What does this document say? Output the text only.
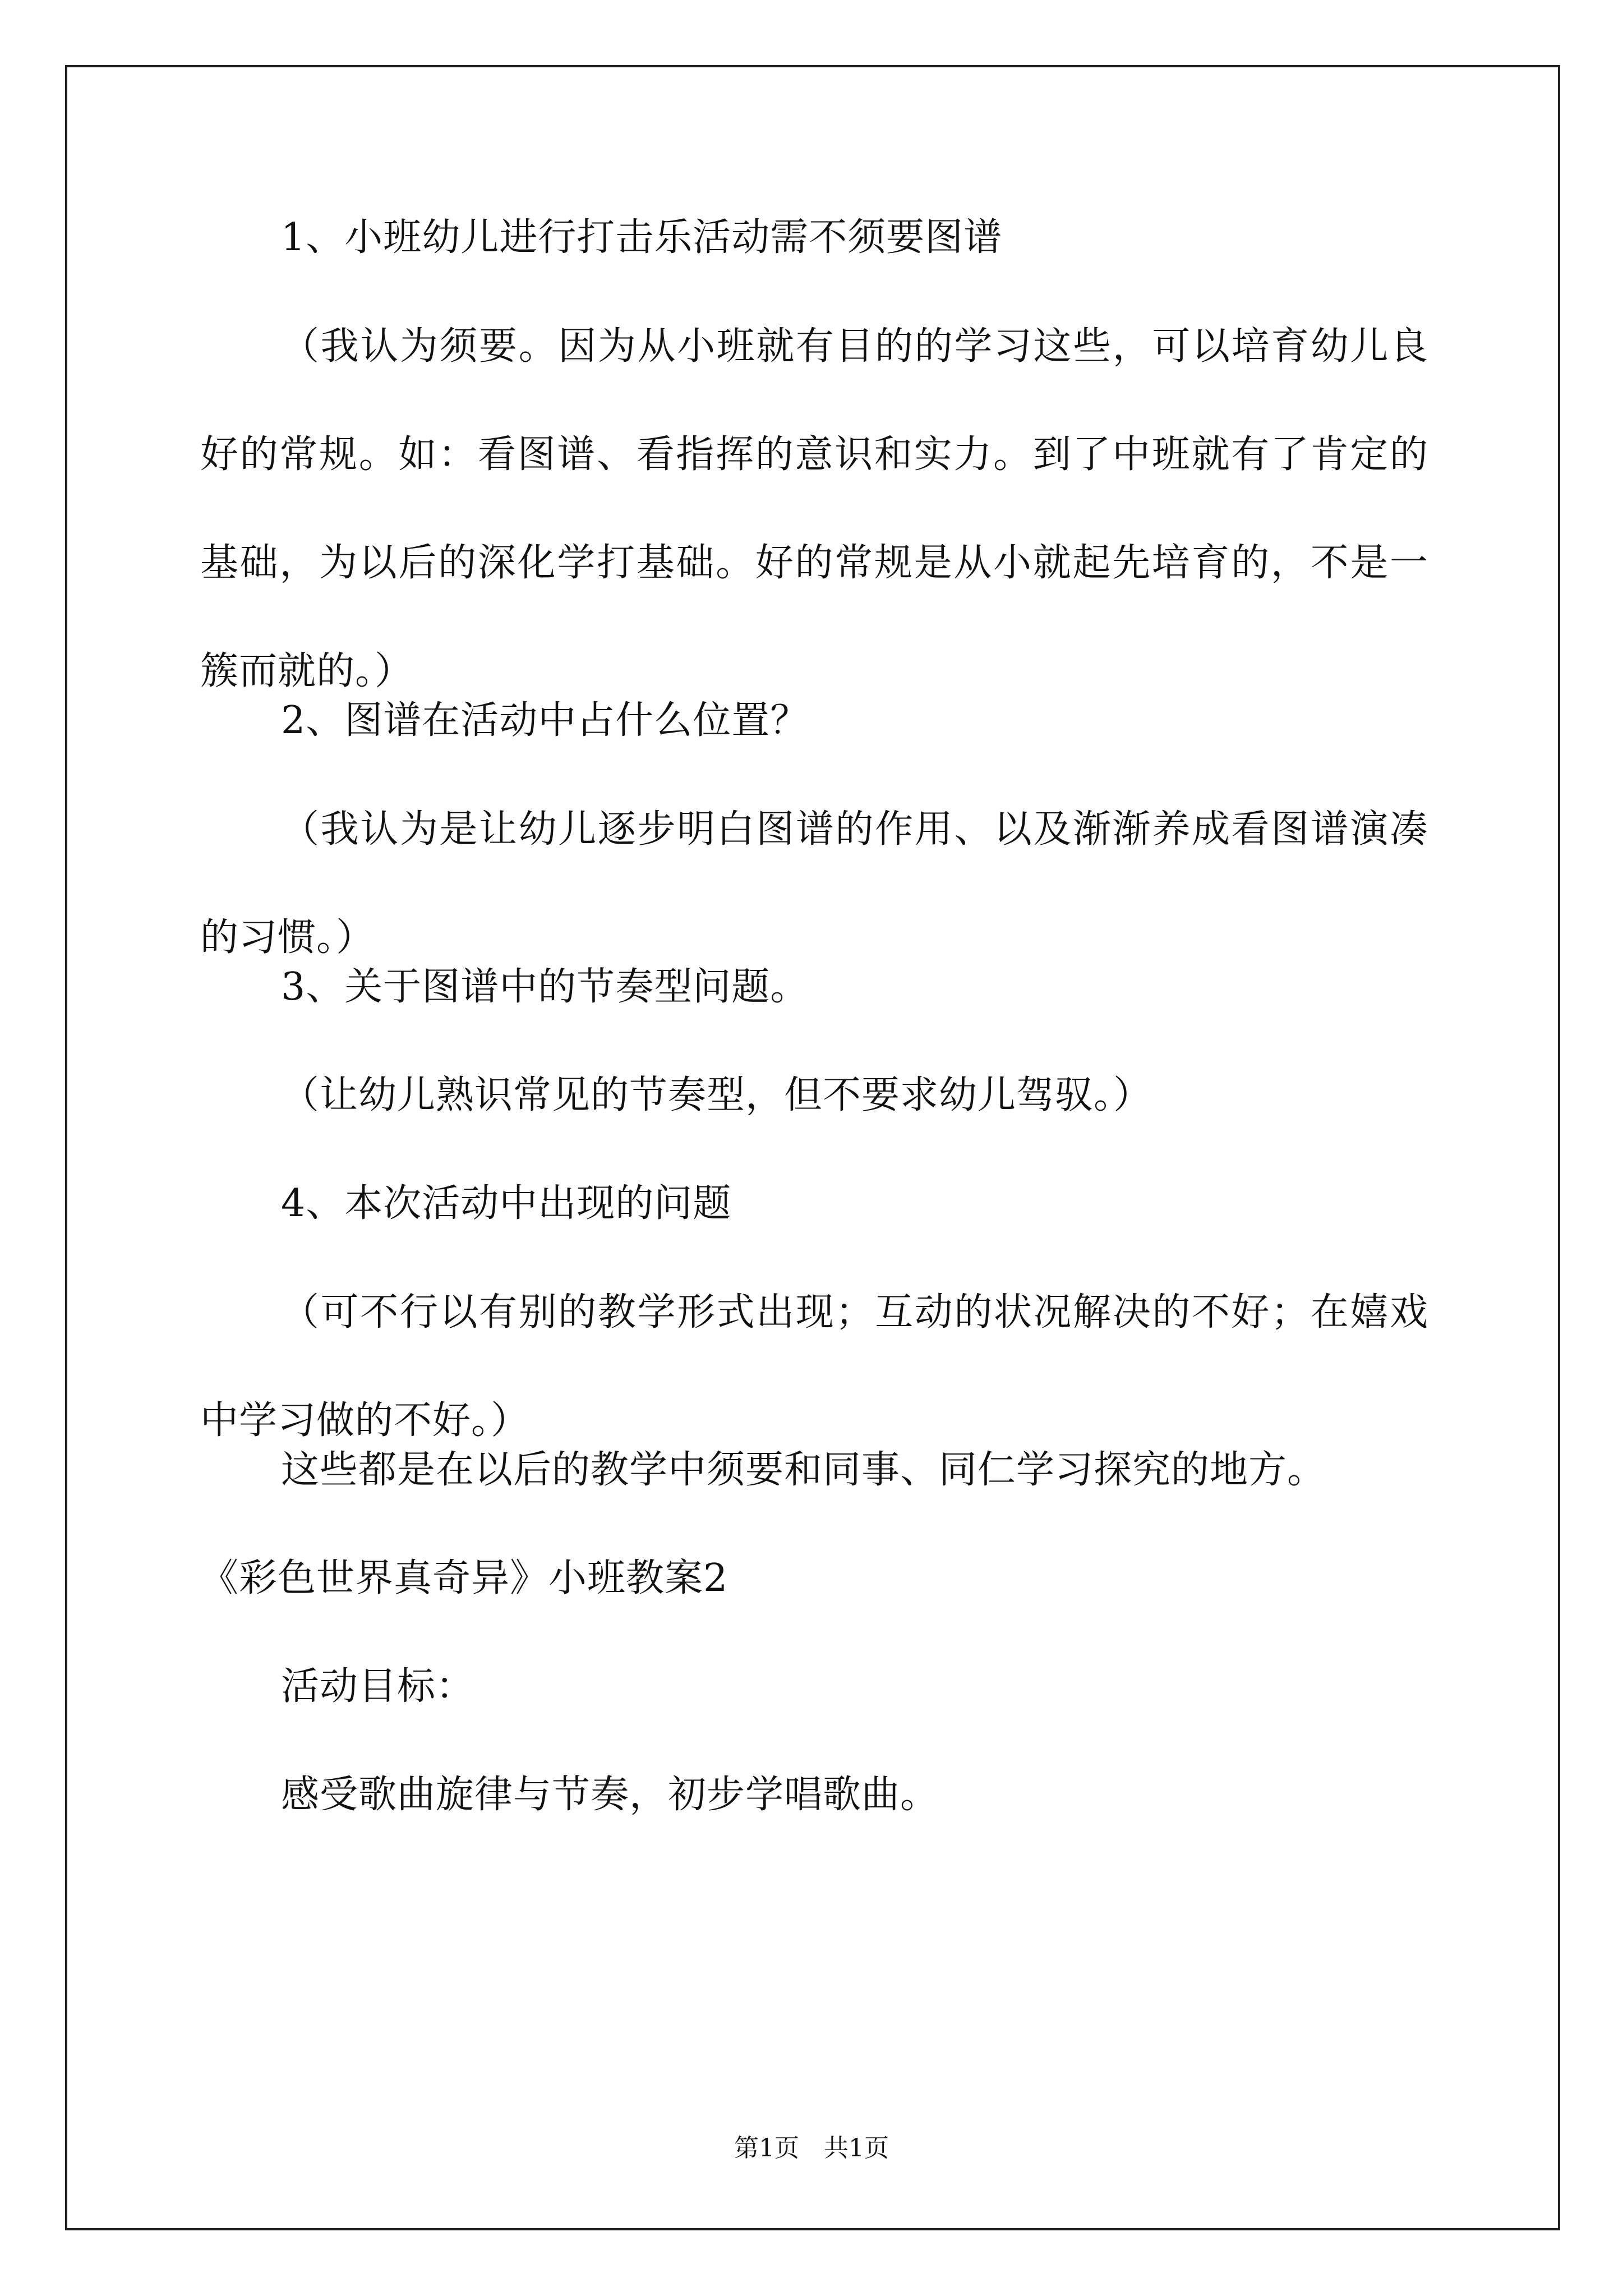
1、小班幼儿进行打击乐活动需不须要图谱
（我认为须要。因为从小班就有目的的学习这些，可以培育幼儿良好的常规。如：看图谱、看指挥的意识和实力。到了中班就有了肯定的基础，为以后的深化学打基础。好的常规是从小就起先培育的，不是一簇而就的。）
2、图谱在活动中占什么位置？
（我认为是让幼儿逐步明白图谱的作用、以及渐渐养成看图谱演凑的习惯。）
3、关于图谱中的节奏型问题。
（让幼儿熟识常见的节奏型，但不要求幼儿驾驭。）
4、本次活动中出现的问题
（可不行以有别的教学形式出现；互动的状况解决的不好；在嬉戏中学习做的不好。）
这些都是在以后的教学中须要和同事、同仁学习探究的地方。
《彩色世界真奇异》小班教案2
活动目标：
感受歌曲旋律与节奏，初步学唱歌曲。
第1页　共1页
